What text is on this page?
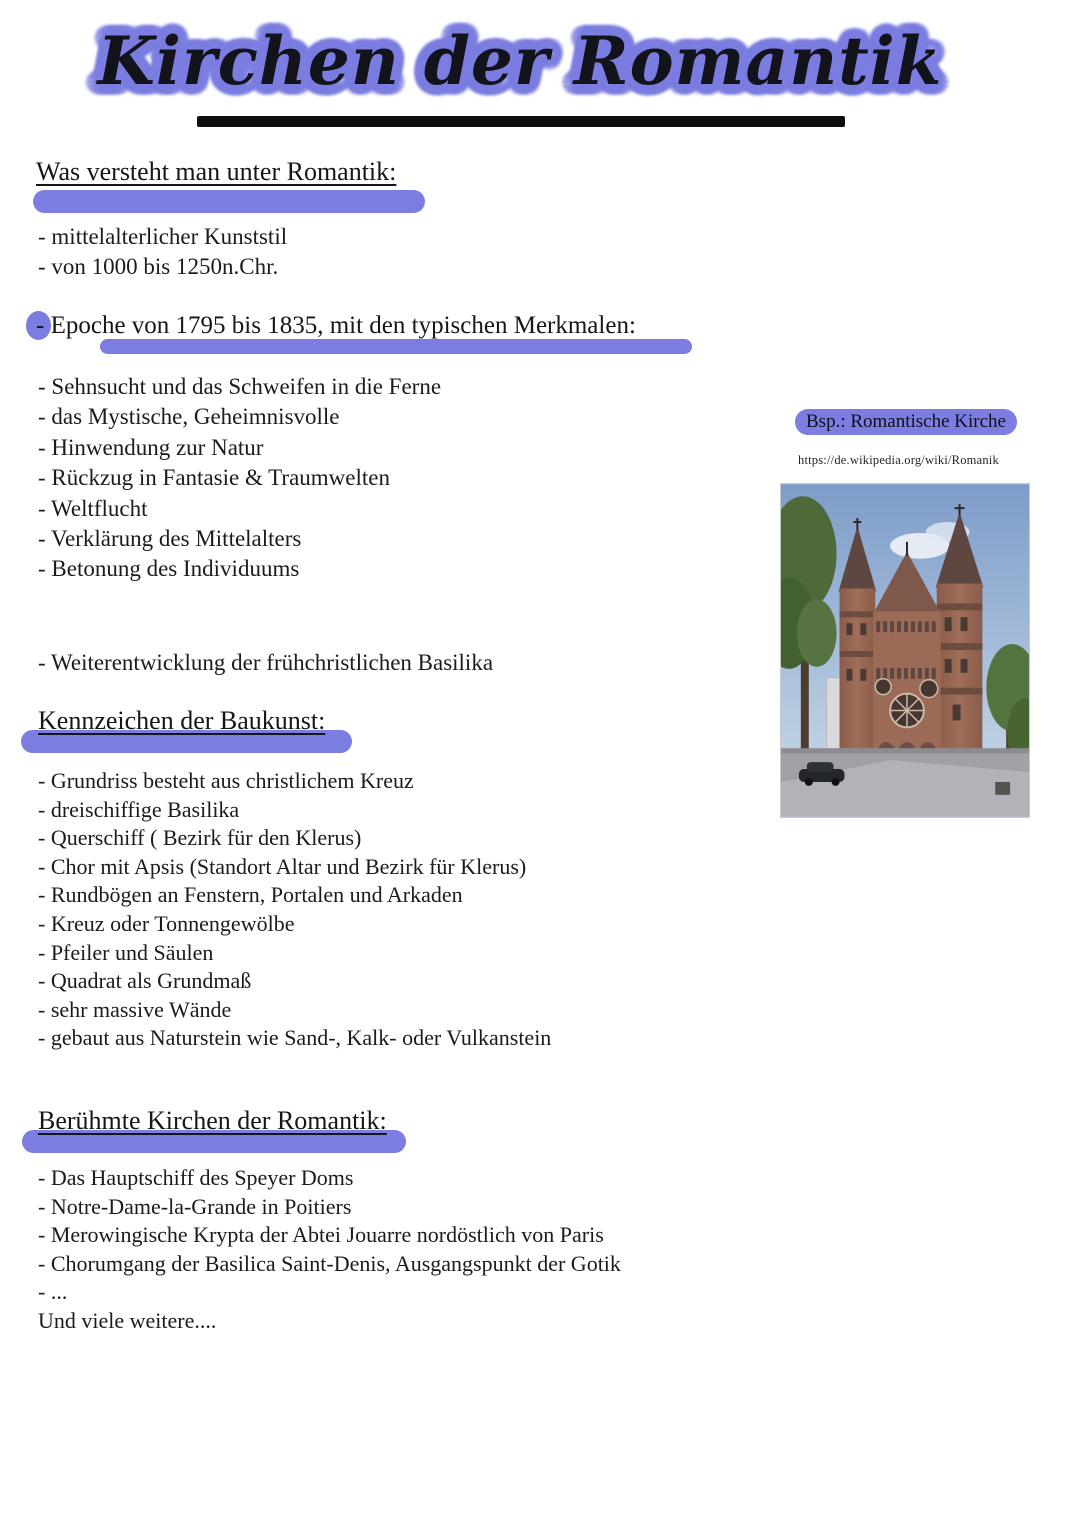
Kirchen der Romantik
Was versteht man unter Romantik:
- mittelalterlicher Kunststil
- von 1000 bis 1250n.Chr.
- Epoche von 1795 bis 1835, mit den typischen Merkmalen:
- Sehnsucht und das Schweifen in die Ferne
- das Mystische, Geheimnisvolle
- Hinwendung zur Natur
- Rückzug in Fantasie & Traumwelten
- Weltflucht
- Verklärung des Mittelalters
- Betonung des Individuums
- Weiterentwicklung der frühchristlichen Basilika
Bsp.: Romantische Kirche
https://de.wikipedia.org/wiki/Romanik
Kennzeichen der Baukunst:
- Grundriss besteht aus christlichem Kreuz
- dreischiffige Basilika
- Querschiff ( Bezirk für den Klerus)
- Chor mit Apsis (Standort Altar und Bezirk für Klerus)
- Rundbögen an Fenstern, Portalen und Arkaden
- Kreuz oder Tonnengewölbe
- Pfeiler und Säulen
- Quadrat als Grundmaß
- sehr massive Wände
- gebaut aus Naturstein wie Sand-, Kalk- oder Vulkanstein
Berühmte Kirchen der Romantik:
- Das Hauptschiff des Speyer Doms
- Notre-Dame-la-Grande in Poitiers
- Merowingische Krypta der Abtei Jouarre nordöstlich von Paris
- Chorumgang der Basilica Saint-Denis, Ausgangspunkt der Gotik
- ...
Und viele weitere....
